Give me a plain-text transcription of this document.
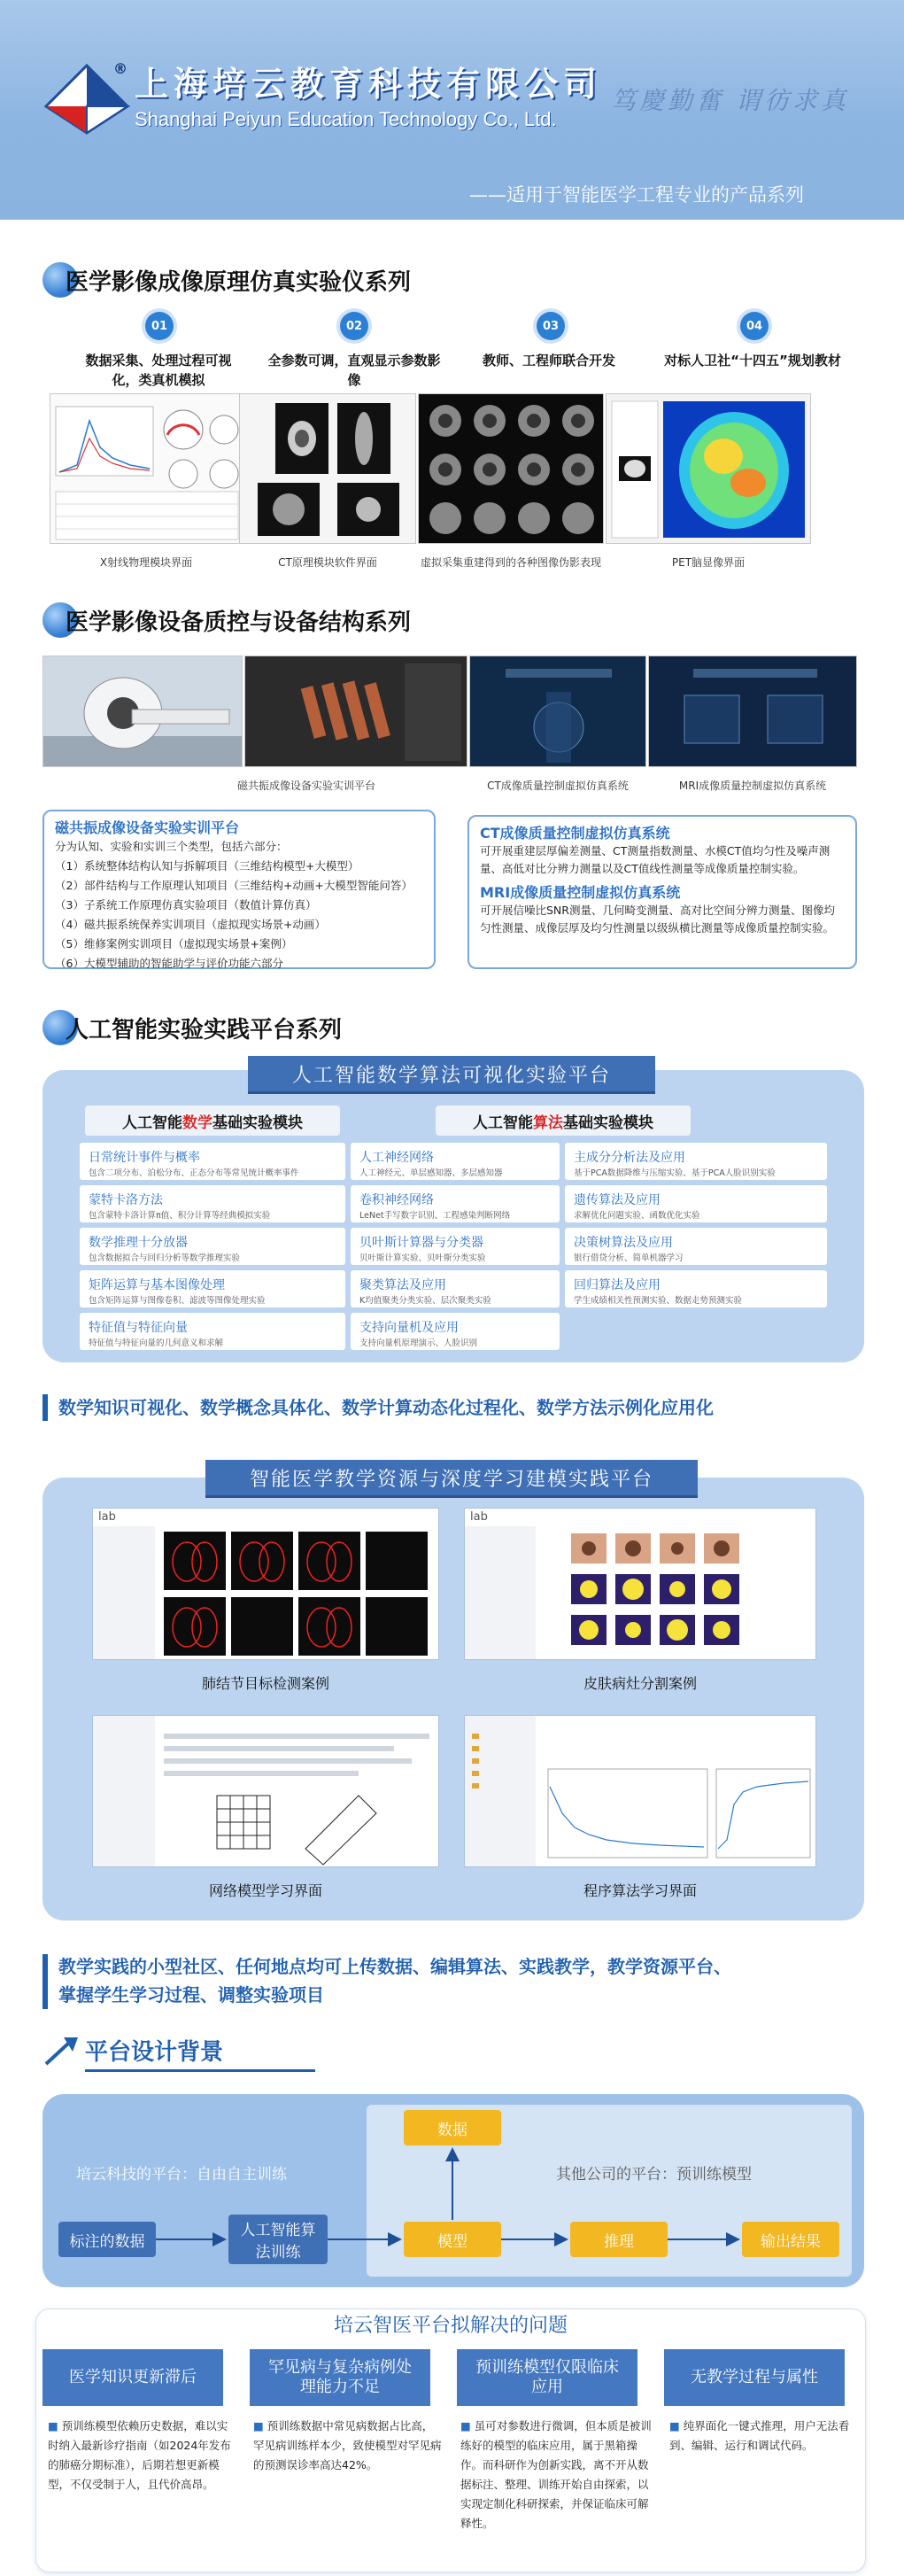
® 上海培云教育科技有限公司
Shanghai Peiyun Education Technology Co., Ltd.
笃慶勤奮 谓彷求真
——适用于智能医学工程专业的产品系列
医学影像成像原理仿真实验仪系列
01	02	03	04
数据采集、处理过程可视化，类真机模拟
全参数可调，直观显示参数影像
教师、工程师联合开发	对标人卫社“十四五”规划教材
X射线物理模块界面	CT原理模块软件界面	虚拟采集重建得到的各种图像伪影表现	PET脑显像界面
医学影像设备质控与设备结构系列
磁共振成像设备实验实训平台	CT成像质量控制虚拟仿真系统	MRI成像质量控制虚拟仿真系统
磁共振成像设备实验实训平台
分为认知、实验和实训三个类型，包括六部分：
（1）系统整体结构认知与拆解项目（三维结构模型+大模型）
（2）部件结构与工作原理认知项目（三维结构+动画+大模型智能问答）
（3）子系统工作原理仿真实验项目（数值计算仿真）
（4）磁共振系统保养实训项目（虚拟现实场景+动画）
（5）维修案例实训项目（虚拟现实场景+案例）
（6）大模型辅助的智能助学与评价功能六部分
CT成像质量控制虚拟仿真系统
可开展重建层厚偏差测量、CT测量指数测量、水模CT值均匀性及噪声测量、高低对比分辨力测量以及CT值线性测量等成像质量控制实验。
MRI成像质量控制虚拟仿真系统
可开展信噪比SNR测量、几何畸变测量、高对比空间分辨力测量、图像均匀性测量、成像层厚及均匀性测量以级纵横比测量等成像质量控制实验。
人工智能实验实践平台系列
人工智能数学算法可视化实验平台
人工智能 数学 基础实验模块	人工智能 算法 基础实验模块
日常统计事件与概率
包含二项分布、泊松分布、正态分布等常见统计概率事件
蒙特卡洛方法
包含蒙特卡洛计算π值、积分计算等经典模拟实验
数学推理十分放器
包含数据拟合与回归分析等数学推理实验
矩阵运算与基本图像处理
包含矩阵运算与图像卷积、滤波等图像处理实验
特征值与特征向量
特征值与特征向量的几何意义和求解
人工神经网络
人工神经元、单层感知器、多层感知器
卷积神经网络
LeNet手写数字识别、工程感染判断网络
贝叶斯计算器与分类器
贝叶斯计算实验、贝叶斯分类实验
聚类算法及应用
K均值聚类分类实验、层次聚类实验
支持向量机及应用
支持向量机原理演示、人脸识别
主成分分析法及应用
基于PCA数据降维与压缩实验、基于PCA人脸识别实验
遗传算法及应用
求解优化问题实验、函数优化实验
决策树算法及应用
银行借贷分析、简单机器学习
回归算法及应用
学生成绩相关性预测实验、数据走势预测实验
数学知识可视化、数学概念具体化、数学计算动态化过程化、数学方法示例化应用化
智能医学教学资源与深度学习建模实践平台
lab	lab
肺结节目标检测案例	皮肤病灶分割案例
网络模型学习界面	程序算法学习界面
教学实践的小型社区、任何地点均可上传数据、编辑算法、实践教学，教学资源平台、
掌握学生学习过程、调整实验项目
平台设计背景
培云科技的平台：自由自主训练	其他公司的平台：预训练模型
数据
标注的数据
人工智能算法训练
模型	推理	输出结果
培云智医平台拟解决的问题
医学知识更新滞后
罕见病与复杂病例处理能力不足
预训练模型仅限临床应用
无教学过程与属性
■ 预训练模型依赖历史数据，难以实时纳入最新诊疗指南（如2024年发布的肺癌分期标准），后期若想更新模型，不仅受制于人，且代价高昂。
■ 预训练数据中常见病数据占比高，罕见病训练样本少，致使模型对罕见病的预测误诊率高达42%。
■ 虽可对参数进行微调，但本质是被训练好的模型的临床应用，属于黑箱操作。而科研作为创新实践，离不开从数据标注、整理、训练开始自由探索，以实现定制化科研探索，并保证临床可解释性。
■ 纯界面化一键式推理，用户无法看到、编辑、运行和调试代码。
